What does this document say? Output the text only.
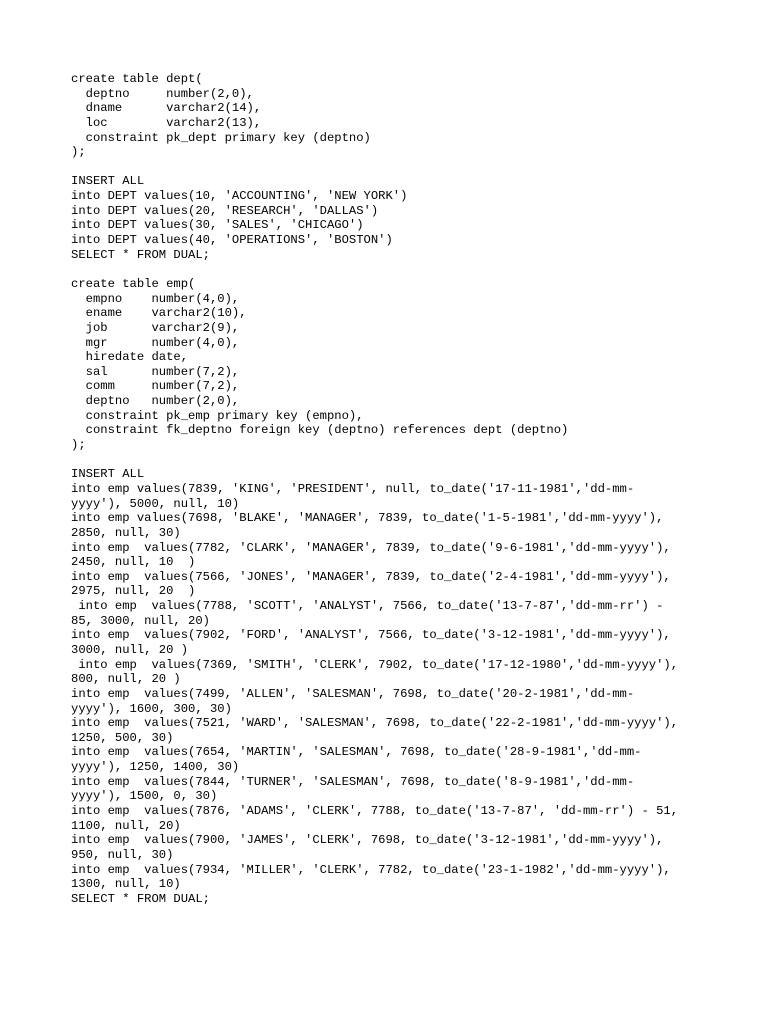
create table dept(
deptno     number(2,0),
dname      varchar2(14),
loc        varchar2(13),
constraint pk_dept primary key (deptno)
);
INSERT ALL
into DEPT values(10, 'ACCOUNTING', 'NEW YORK')
into DEPT values(20, 'RESEARCH', 'DALLAS')
into DEPT values(30, 'SALES', 'CHICAGO')
into DEPT values(40, 'OPERATIONS', 'BOSTON')
SELECT * FROM DUAL;
create table emp(
empno    number(4,0),
ename    varchar2(10),
job      varchar2(9),
mgr      number(4,0),
hiredate date,
sal      number(7,2),
comm     number(7,2),
deptno   number(2,0),
constraint pk_emp primary key (empno),
constraint fk_deptno foreign key (deptno) references dept (deptno)
);
INSERT ALL
into emp values(7839, 'KING', 'PRESIDENT', null, to_date('17-11-1981','dd-mm-
yyyy'), 5000, null, 10)
into emp values(7698, 'BLAKE', 'MANAGER', 7839, to_date('1-5-1981','dd-mm-yyyy'),
2850, null, 30)
into emp  values(7782, 'CLARK', 'MANAGER', 7839, to_date('9-6-1981','dd-mm-yyyy'),
2450, null, 10  )
into emp  values(7566, 'JONES', 'MANAGER', 7839, to_date('2-4-1981','dd-mm-yyyy'),
2975, null, 20  )
into emp  values(7788, 'SCOTT', 'ANALYST', 7566, to_date('13-7-87','dd-mm-rr') -
85, 3000, null, 20)
into emp  values(7902, 'FORD', 'ANALYST', 7566, to_date('3-12-1981','dd-mm-yyyy'),
3000, null, 20 )
into emp  values(7369, 'SMITH', 'CLERK', 7902, to_date('17-12-1980','dd-mm-yyyy'),
800, null, 20 )
into emp  values(7499, 'ALLEN', 'SALESMAN', 7698, to_date('20-2-1981','dd-mm-
yyyy'), 1600, 300, 30)
into emp  values(7521, 'WARD', 'SALESMAN', 7698, to_date('22-2-1981','dd-mm-yyyy'),
1250, 500, 30)
into emp  values(7654, 'MARTIN', 'SALESMAN', 7698, to_date('28-9-1981','dd-mm-
yyyy'), 1250, 1400, 30)
into emp  values(7844, 'TURNER', 'SALESMAN', 7698, to_date('8-9-1981','dd-mm-
yyyy'), 1500, 0, 30)
into emp  values(7876, 'ADAMS', 'CLERK', 7788, to_date('13-7-87', 'dd-mm-rr') - 51,
1100, null, 20)
into emp  values(7900, 'JAMES', 'CLERK', 7698, to_date('3-12-1981','dd-mm-yyyy'),
950, null, 30)
into emp  values(7934, 'MILLER', 'CLERK', 7782, to_date('23-1-1982','dd-mm-yyyy'),
1300, null, 10)
SELECT * FROM DUAL;
